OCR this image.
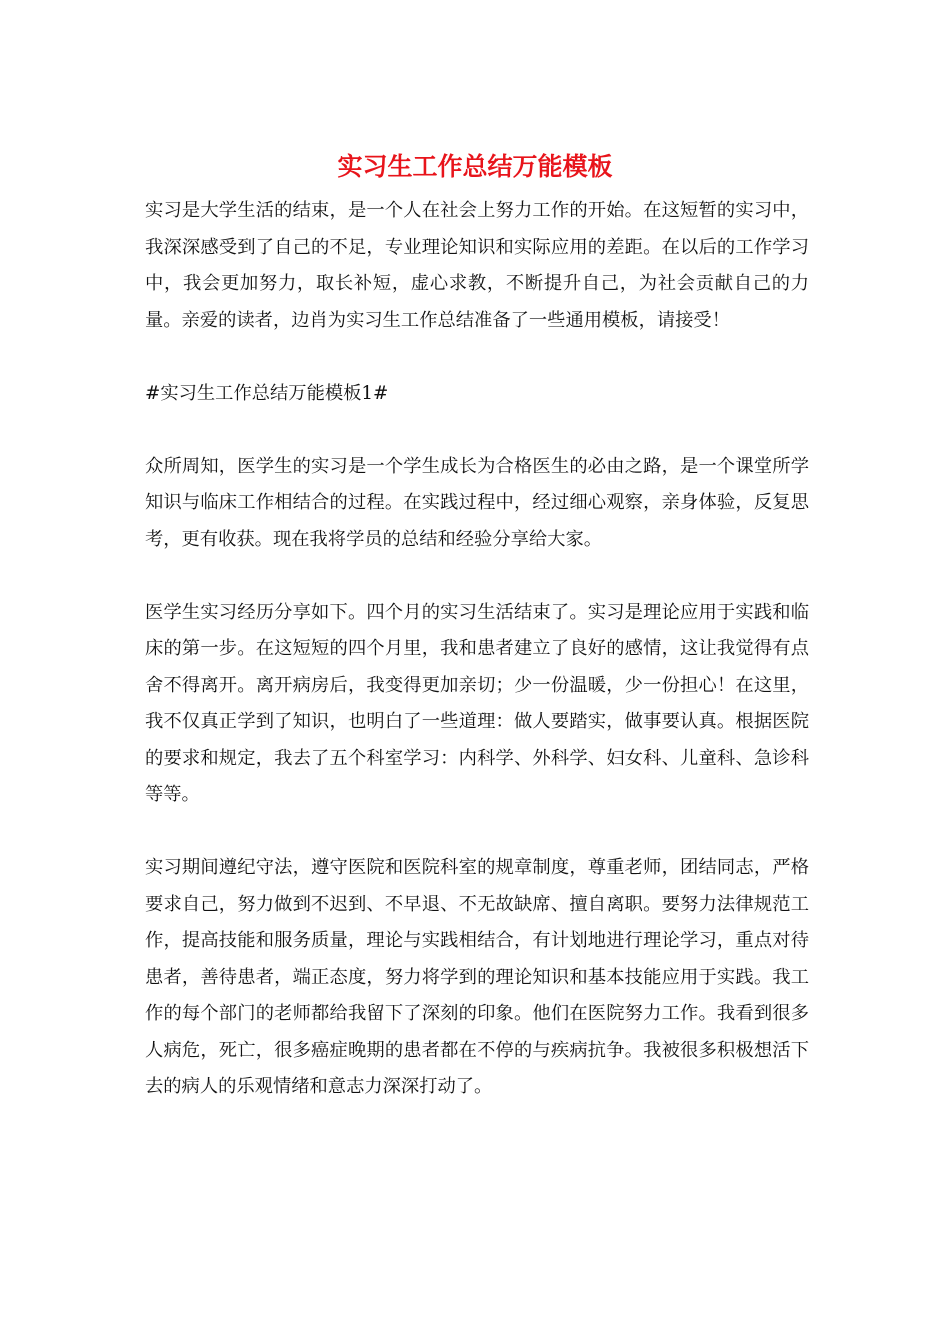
实习生工作总结万能模板

实习是大学生活的结束，是一个人在社会上努力工作的开始。在这短暂的实习中，我深深感受到了自己的不足，专业理论知识和实际应用的差距。在以后的工作学习中，我会更加努力，取长补短，虚心求教，不断提升自己，为社会贡献自己的力量。亲爱的读者，边肖为实习生工作总结准备了一些通用模板，请接受！

#实习生工作总结万能模板1#

众所周知，医学生的实习是一个学生成长为合格医生的必由之路，是一个课堂所学知识与临床工作相结合的过程。在实践过程中，经过细心观察，亲身体验，反复思考，更有收获。现在我将学员的总结和经验分享给大家。

医学生实习经历分享如下。四个月的实习生活结束了。实习是理论应用于实践和临床的第一步。在这短短的四个月里，我和患者建立了良好的感情，这让我觉得有点舍不得离开。离开病房后，我变得更加亲切；少一份温暖，少一份担心！在这里，我不仅真正学到了知识，也明白了一些道理：做人要踏实，做事要认真。根据医院的要求和规定，我去了五个科室学习：内科学、外科学、妇女科、儿童科、急诊科等等。

实习期间遵纪守法，遵守医院和医院科室的规章制度，尊重老师，团结同志，严格要求自己，努力做到不迟到、不早退、不无故缺席、擅自离职。要努力法律规范工作，提高技能和服务质量，理论与实践相结合，有计划地进行理论学习，重点对待患者，善待患者，端正态度，努力将学到的理论知识和基本技能应用于实践。我工作的每个部门的老师都给我留下了深刻的印象。他们在医院努力工作。我看到很多人病危，死亡，很多癌症晚期的患者都在不停的与疾病抗争。我被很多积极想活下去的病人的乐观情绪和意志力深深打动了。
